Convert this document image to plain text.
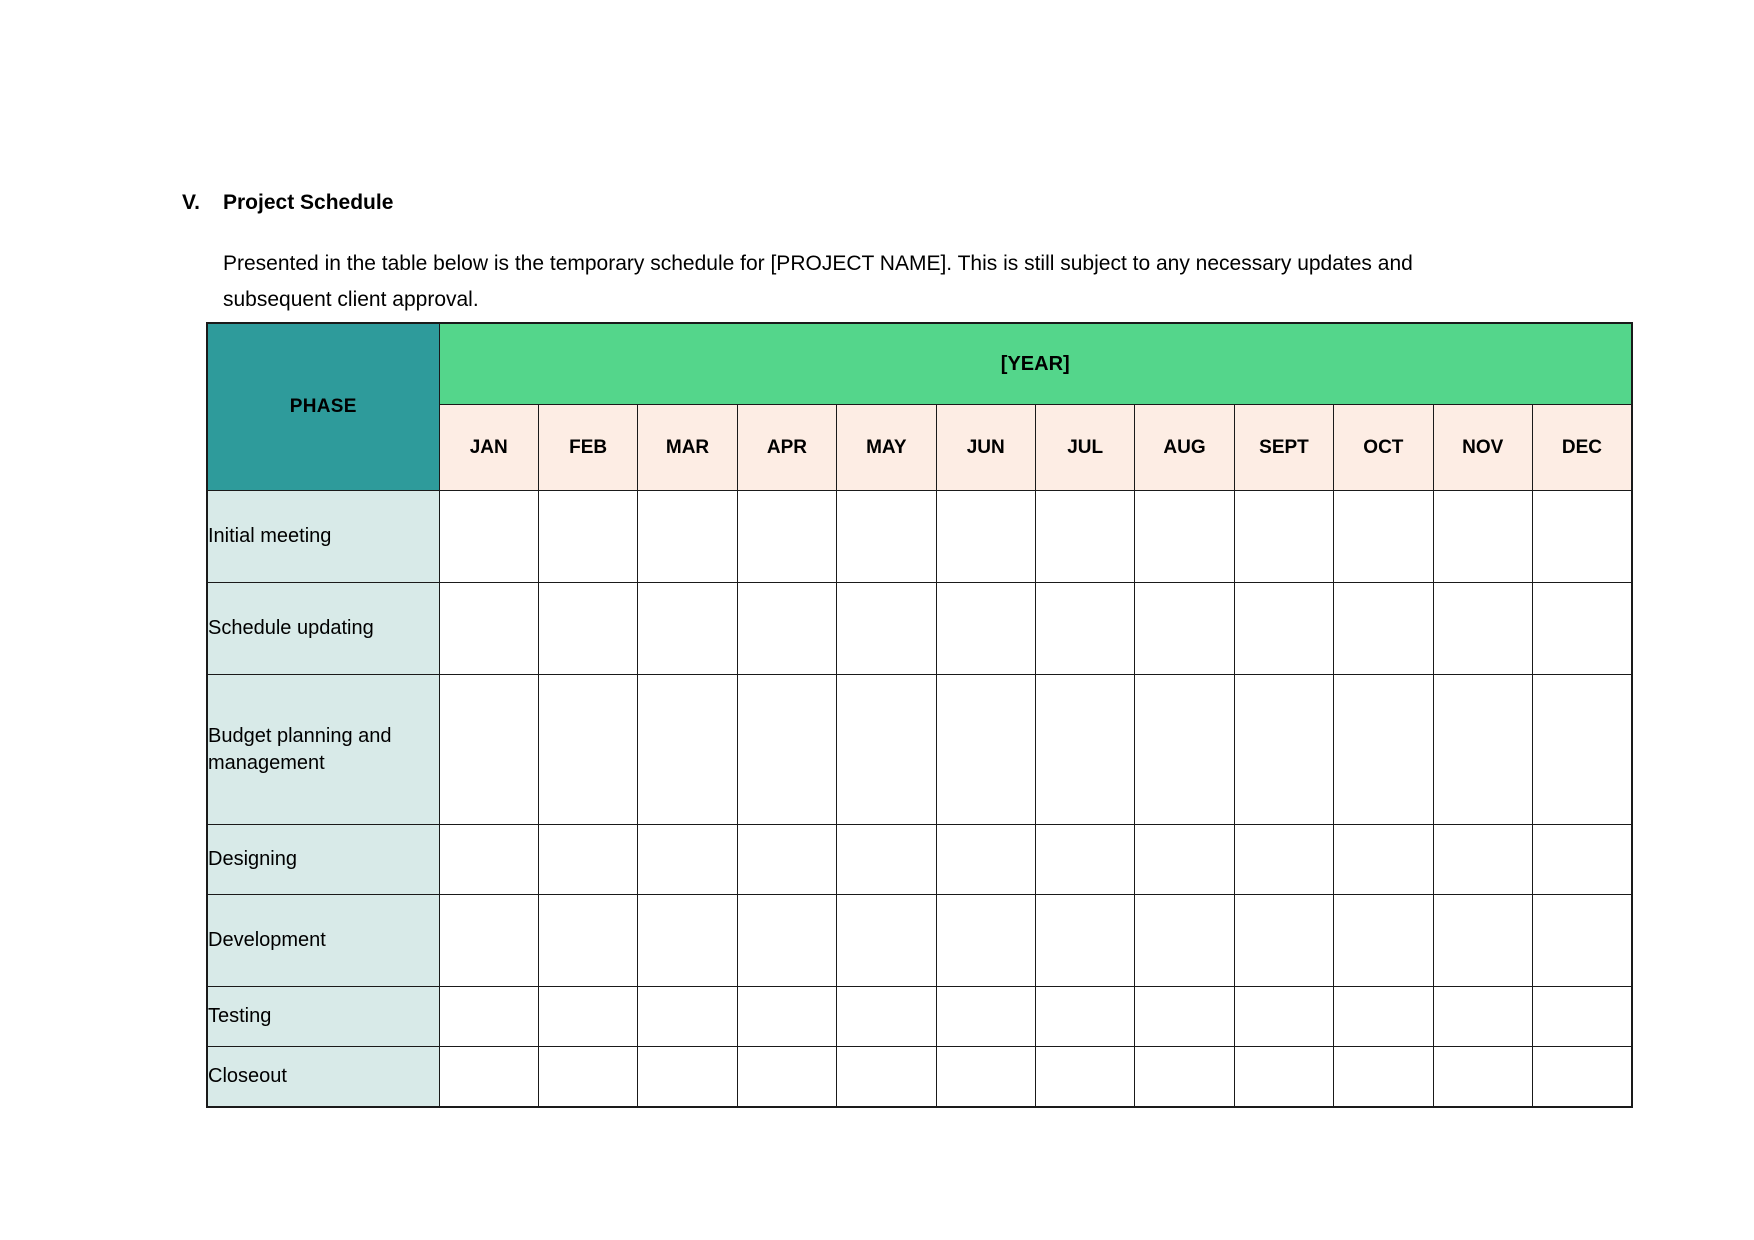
V.	Project Schedule

Presented in the table below is the temporary schedule for [PROJECT NAME]. This is still subject to any necessary updates and subsequent client approval.

PHASE	[YEAR]											
	JAN	FEB	MAR	APR	MAY	JUN	JUL	AUG	SEPT	OCT	NOV	DEC
Initial meeting												
Schedule updating												
Budget planning and management												
Designing												
Development												
Testing												
Closeout												
